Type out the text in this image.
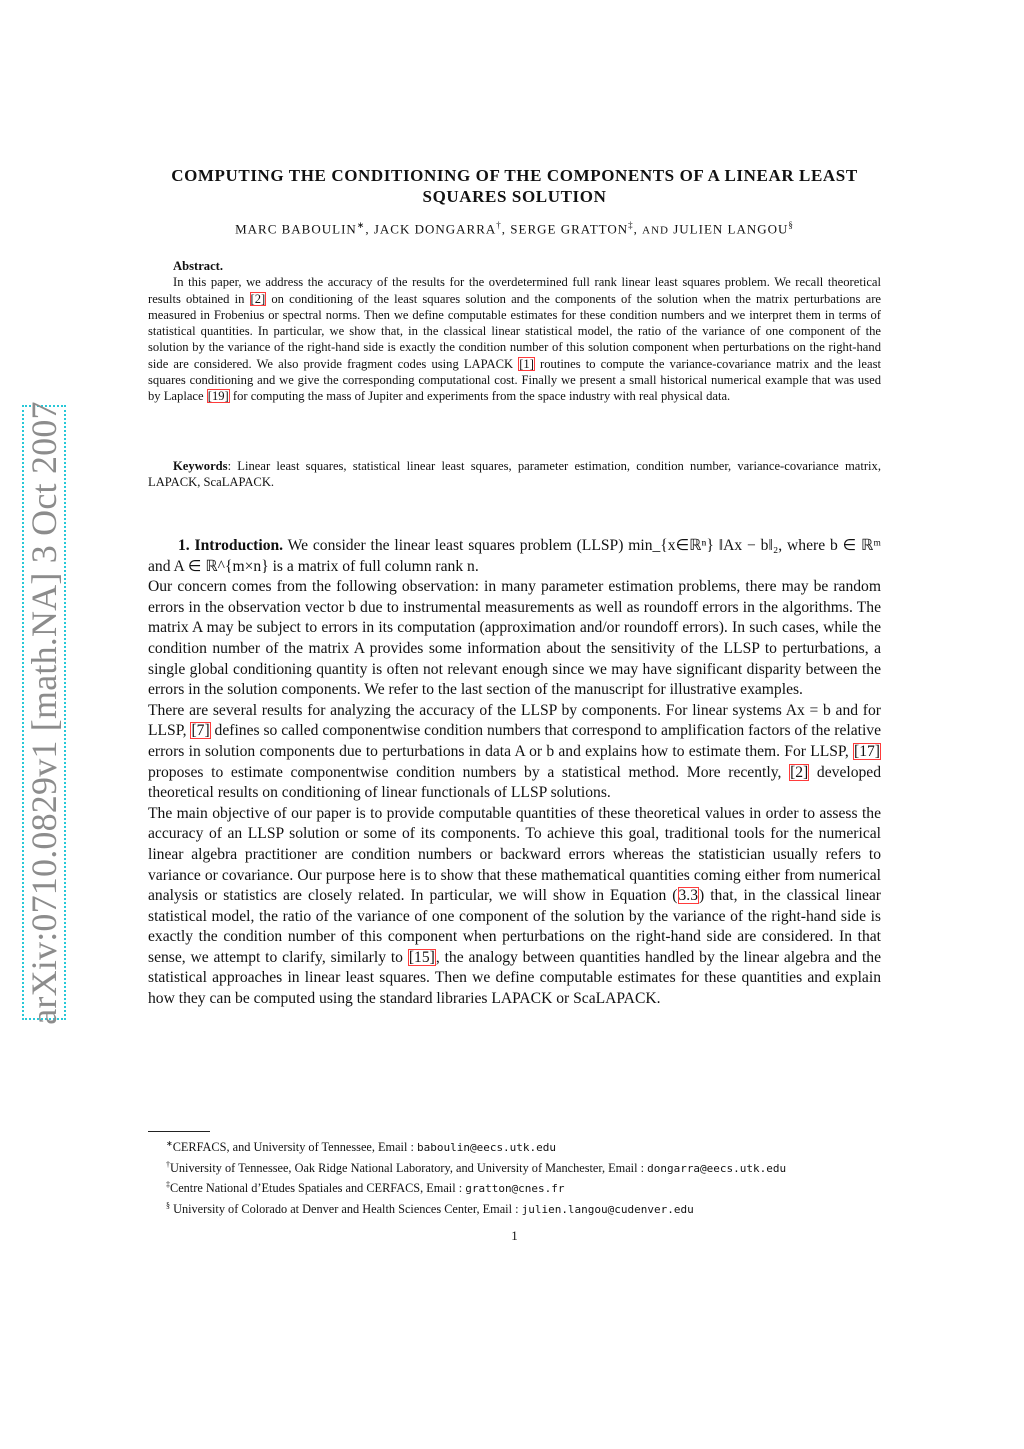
arXiv:0710.0829v1 [math.NA] 3 Oct 2007
COMPUTING THE CONDITIONING OF THE COMPONENTS OF A LINEAR LEAST SQUARES SOLUTION
MARC BABOULIN∗, JACK DONGARRA†, SERGE GRATTON‡, AND JULIEN LANGOU§
Abstract.
In this paper, we address the accuracy of the results for the overdetermined full rank linear least squares problem. We recall theoretical results obtained in [2] on conditioning of the least squares solution and the components of the solution when the matrix perturbations are measured in Frobenius or spectral norms. Then we define computable estimates for these condition numbers and we interpret them in terms of statistical quantities. In particular, we show that, in the classical linear statistical model, the ratio of the variance of one component of the solution by the variance of the right-hand side is exactly the condition number of this solution component when perturbations on the right-hand side are considered. We also provide fragment codes using LAPACK [1] routines to compute the variance-covariance matrix and the least squares conditioning and we give the corresponding computational cost. Finally we present a small historical numerical example that was used by Laplace [19] for computing the mass of Jupiter and experiments from the space industry with real physical data.
Keywords: Linear least squares, statistical linear least squares, parameter estimation, condition number, variance-covariance matrix, LAPACK, ScaLAPACK.

1. Introduction. We consider the linear least squares problem (LLSP) min_{x∈ℝⁿ} ‖Ax − b‖₂, where b ∈ ℝᵐ and A ∈ ℝ^{m×n} is a matrix of full column rank n.

Our concern comes from the following observation: in many parameter estimation problems, there may be random errors in the observation vector b due to instrumental measurements as well as roundoff errors in the algorithms. The matrix A may be subject to errors in its computation (approximation and/or roundoff errors). In such cases, while the condition number of the matrix A provides some information about the sensitivity of the LLSP to perturbations, a single global conditioning quantity is often not relevant enough since we may have significant disparity between the errors in the solution components. We refer to the last section of the manuscript for illustrative examples.

There are several results for analyzing the accuracy of the LLSP by components. For linear systems Ax = b and for LLSP, [7] defines so called componentwise condition numbers that correspond to amplification factors of the relative errors in solution components due to perturbations in data A or b and explains how to estimate them. For LLSP, [17] proposes to estimate componentwise condition numbers by a statistical method. More recently, [2] developed theoretical results on conditioning of linear functionals of LLSP solutions.

The main objective of our paper is to provide computable quantities of these theoretical values in order to assess the accuracy of an LLSP solution or some of its components. To achieve this goal, traditional tools for the numerical linear algebra practitioner are condition numbers or backward errors whereas the statistician usually refers to variance or covariance. Our purpose here is to show that these mathematical quantities coming either from numerical analysis or statistics are closely related. In particular, we will show in Equation (3.3) that, in the classical linear statistical model, the ratio of the variance of one component of the solution by the variance of the right-hand side is exactly the condition number of this component when perturbations on the right-hand side are considered. In that sense, we attempt to clarify, similarly to [15], the analogy between quantities handled by the linear algebra and the statistical approaches in linear least squares. Then we define computable estimates for these quantities and explain how they can be computed using the standard libraries LAPACK or ScaLAPACK.

∗CERFACS, and University of Tennessee, Email : baboulin@eecs.utk.edu

†University of Tennessee, Oak Ridge National Laboratory, and University of Manchester, Email : dongarra@eecs.utk.edu

‡Centre National d’Etudes Spatiales and CERFACS, Email : gratton@cnes.fr

§ University of Colorado at Denver and Health Sciences Center, Email : julien.langou@cudenver.edu

1
